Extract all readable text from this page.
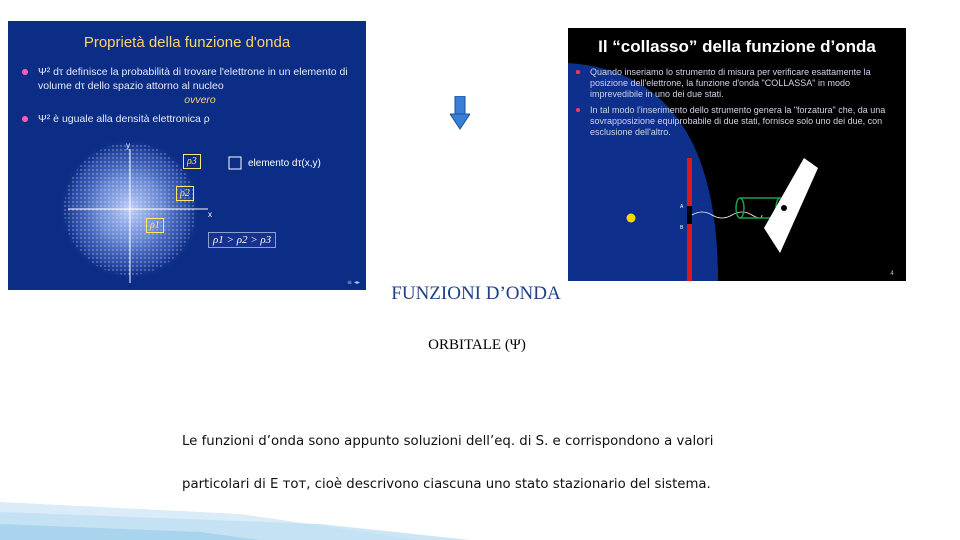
Proprietà della funzione d'onda
Ψ² dτ definisce la probabilità di trovare l'elettrone in un elemento di volume dτ dello spazio attorno al nucleo
ovvero
Ψ² è uguale alla densità elettronica ρ
y
x
ρ3
ρ2
ρ1
elemento dτ(x,y)
ρ1 > ρ2 > ρ3
≡ ◂▸
Il “collasso” della funzione d’onda
Quando inseriamo lo strumento di misura per verificare esattamente la posizione dell'elettrone, la funzione d'onda "COLLASSA" in modo imprevedibile in uno dei due stati.
In tal modo l'inserimento dello strumento genera la "forzatura" che, da una sovrapposizione equiprobabile di due stati, fornisce solo uno dei due, con esclusione dell'altro.
A
B
4
FUNZIONI D’ONDA
ORBITALE (Ψ)
Le funzioni d’onda sono appunto soluzioni dell’eq. di S. e corrispondono a valori
particolari di E ᴛᴏᴛ, cioè descrivono ciascuna uno stato stazionario del sistema.
